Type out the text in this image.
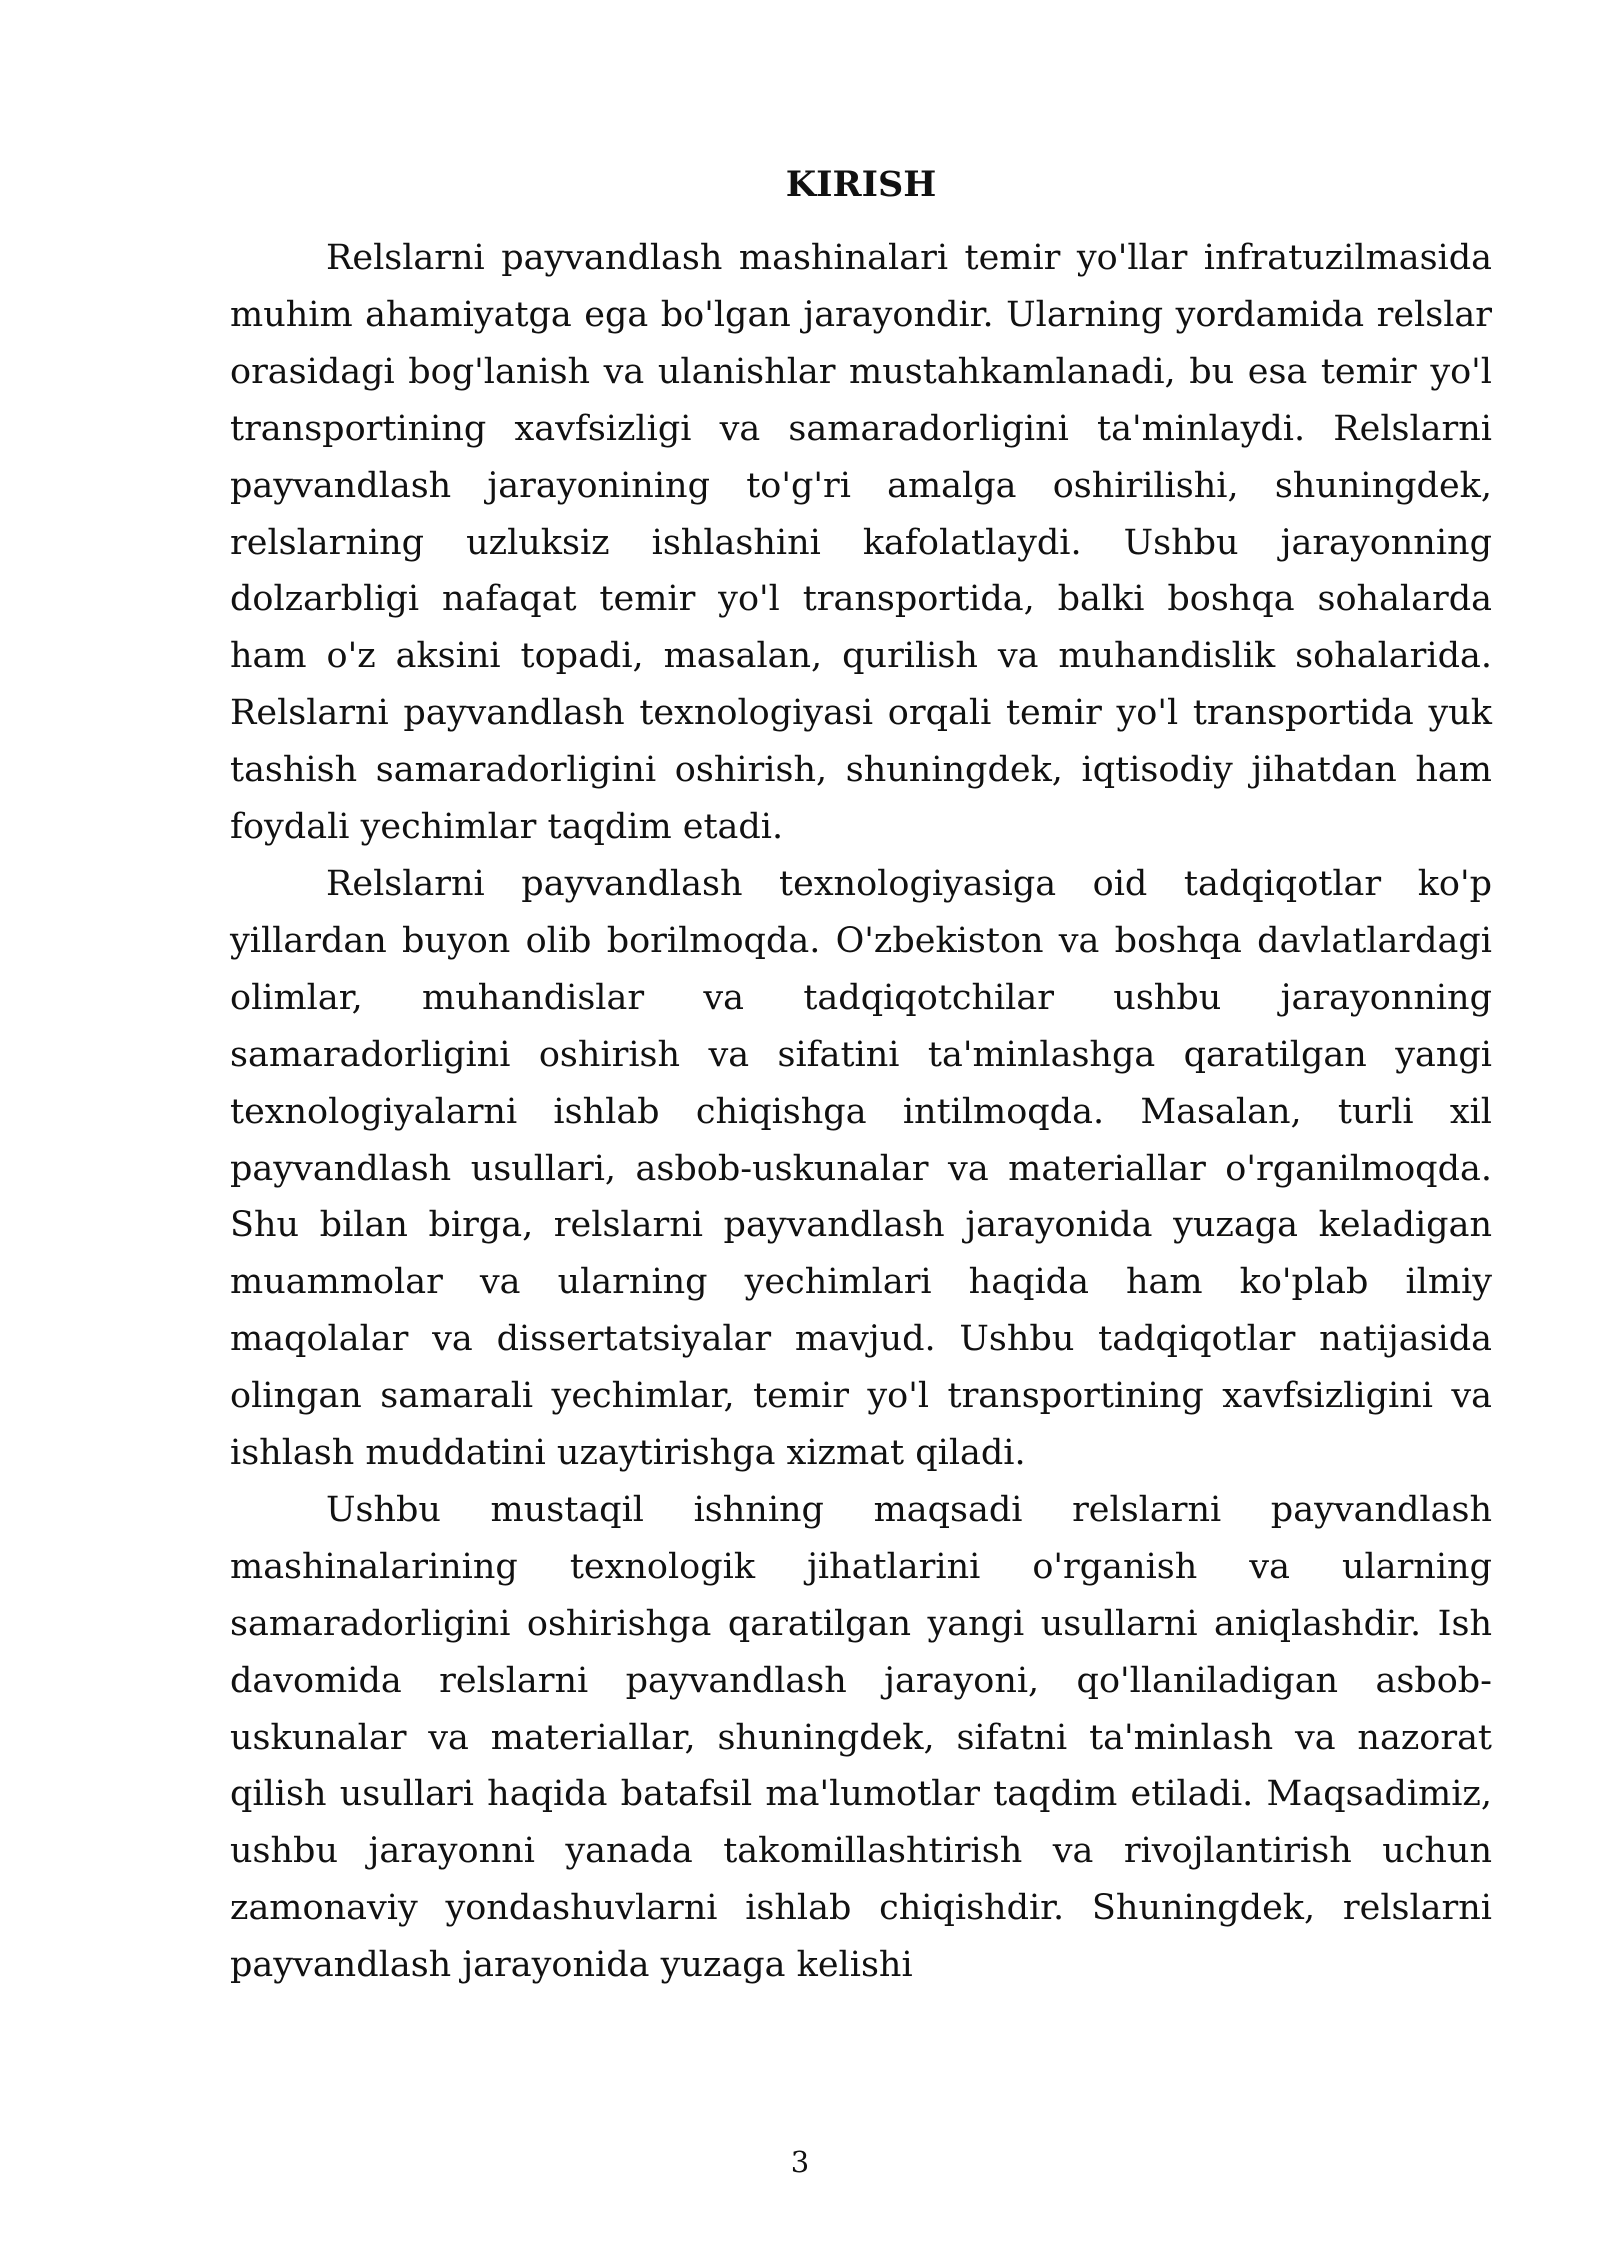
KIRISH

Relslarni payvandlash mashinalari temir yo'llar infratuzilmasida muhim ahamiyatga ega bo'lgan jarayondir. Ularning yordamida relslar orasidagi bog'lanish va ulanishlar mustahkamlanadi, bu esa temir yo'l transportining xavfsizligi va samaradorligini ta'minlaydi. Relslarni payvandlash jarayonining to'g'ri amalga oshirilishi, shuningdek, relslarning uzluksiz ishlashini kafolatlaydi. Ushbu jarayonning dolzarbligi nafaqat temir yo'l transportida, balki boshqa sohalarda ham o'z aksini topadi, masalan, qurilish va muhandislik sohalarida. Relslarni payvandlash texnologiyasi orqali temir yo'l transportida yuk tashish samaradorligini oshirish, shuningdek, iqtisodiy jihatdan ham foydali yechimlar taqdim etadi.

Relslarni payvandlash texnologiyasiga oid tadqiqotlar ko'p yillardan buyon olib borilmoqda. O'zbekiston va boshqa davlatlardagi olimlar, muhandislar va tadqiqotchilar ushbu jarayonning samaradorligini oshirish va sifatini ta'minlashga qaratilgan yangi texnologiyalarni ishlab chiqishga intilmoqda. Masalan, turli xil payvandlash usullari, asbob-uskunalar va materiallar o'rganilmoqda. Shu bilan birga, relslarni payvandlash jarayonida yuzaga keladigan muammolar va ularning yechimlari haqida ham ko'plab ilmiy maqolalar va dissertatsiyalar mavjud. Ushbu tadqiqotlar natijasida olingan samarali yechimlar, temir yo'l transportining xavfsizligini va ishlash muddatini uzaytirishga xizmat qiladi.

Ushbu mustaqil ishning maqsadi relslarni payvandlash mashinalarining texnologik jihatlarini o'rganish va ularning samaradorligini oshirishga qaratilgan yangi usullarni aniqlashdir. Ish davomida relslarni payvandlash jarayoni, qo'llaniladigan asbob-uskunalar va materiallar, shuningdek, sifatni ta'minlash va nazorat qilish usullari haqida batafsil ma'lumotlar taqdim etiladi. Maqsadimiz, ushbu jarayonni yanada takomillashtirish va rivojlantirish uchun zamonaviy yondashuvlarni ishlab chiqishdir. Shuningdek, relslarni payvandlash jarayonida yuzaga kelishi

3
